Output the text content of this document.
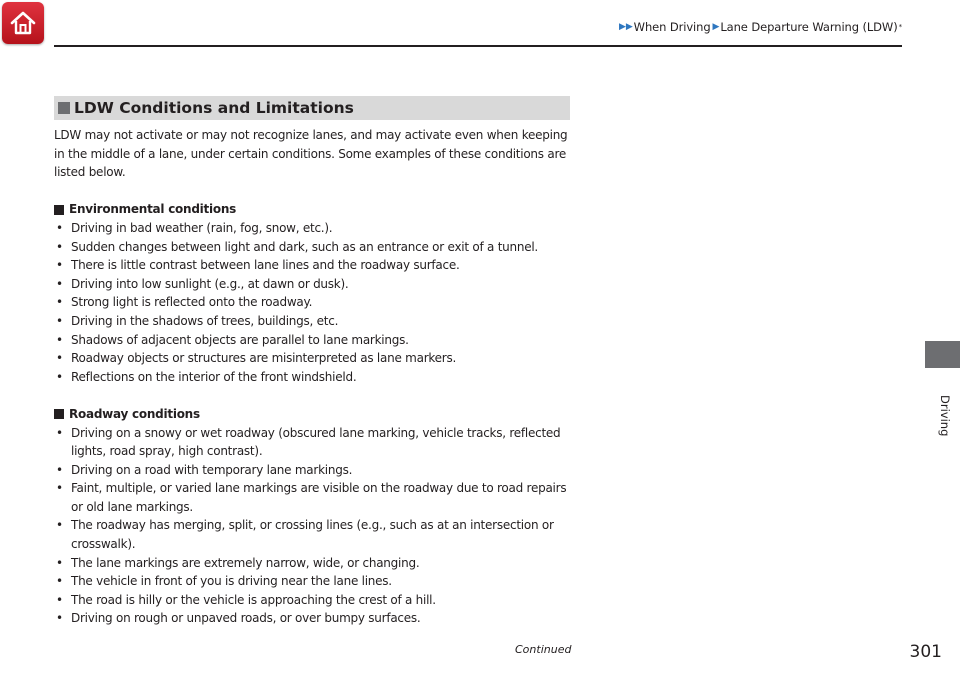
▶▶ When Driving ▶ Lane Departure Warning (LDW) *
Driving
LDW Conditions and Limitations

LDW may not activate or may not recognize lanes, and may activate even when keeping in the middle of a lane, under certain conditions. Some examples of these conditions are listed below.

Environmental conditions
• Driving in bad weather (rain, fog, snow, etc.).
• Sudden changes between light and dark, such as an entrance or exit of a tunnel.
• There is little contrast between lane lines and the roadway surface.
• Driving into low sunlight (e.g., at dawn or dusk).
• Strong light is reflected onto the roadway.
• Driving in the shadows of trees, buildings, etc.
• Shadows of adjacent objects are parallel to lane markings.
• Roadway objects or structures are misinterpreted as lane markers.
• Reflections on the interior of the front windshield.
Roadway conditions
• Driving on a snowy or wet roadway (obscured lane marking, vehicle tracks, reflected lights, road spray, high contrast).
• Driving on a road with temporary lane markings.
• Faint, multiple, or varied lane markings are visible on the roadway due to road repairs or old lane markings.
• The roadway has merging, split, or crossing lines (e.g., such as at an intersection or crosswalk).
• The lane markings are extremely narrow, wide, or changing.
• The vehicle in front of you is driving near the lane lines.
• The road is hilly or the vehicle is approaching the crest of a hill.
• Driving on rough or unpaved roads, or over bumpy surfaces.
Continued	301
